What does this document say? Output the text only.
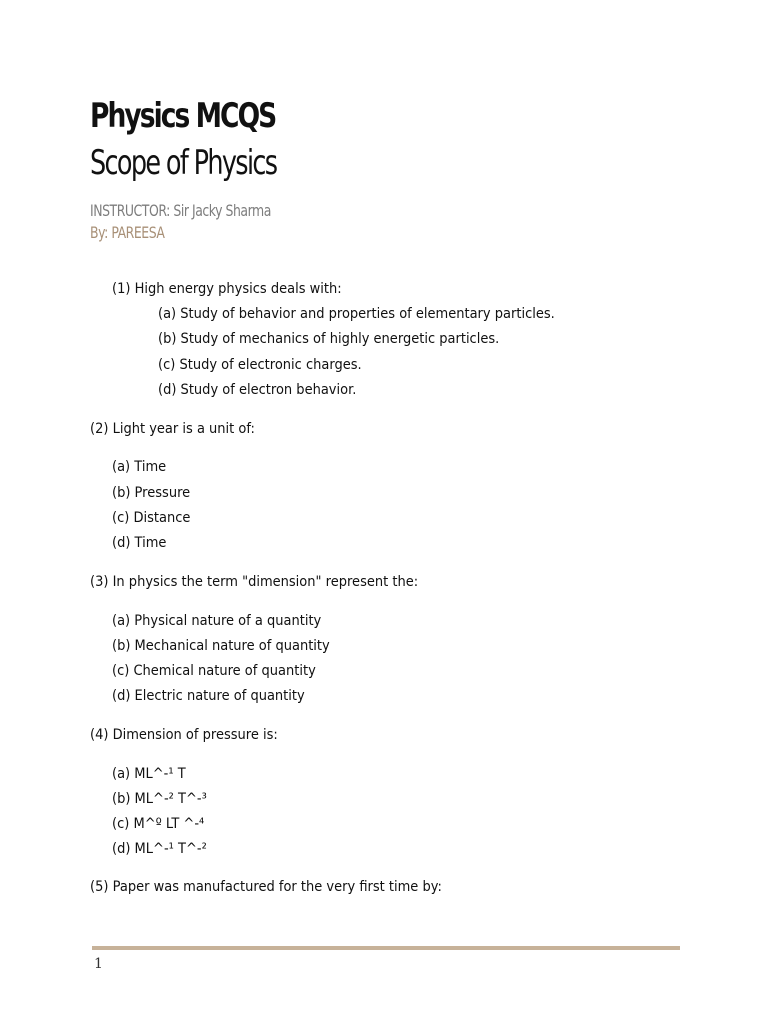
Physics MCQS
Scope of Physics
INSTRUCTOR: Sir Jacky Sharma
By: PAREESA
(1) High energy physics deals with:
(a) Study of behavior and properties of elementary particles.
(b) Study of mechanics of highly energetic particles.
(c) Study of electronic charges.
(d) Study of electron behavior.
(2) Light year is a unit of:
(a) Time
(b) Pressure
(c) Distance
(d) Time
(3) In physics the term "dimension" represent the:
(a) Physical nature of a quantity
(b) Mechanical nature of quantity
(c) Chemical nature of quantity
(d) Electric nature of quantity
(4) Dimension of pressure is:
(a) ML^-¹ T
(b) ML^-² T^-³
(c) M^º LT ^-⁴
(d) ML^-¹ T^-²
(5) Paper was manufactured for the very first time by:
1
